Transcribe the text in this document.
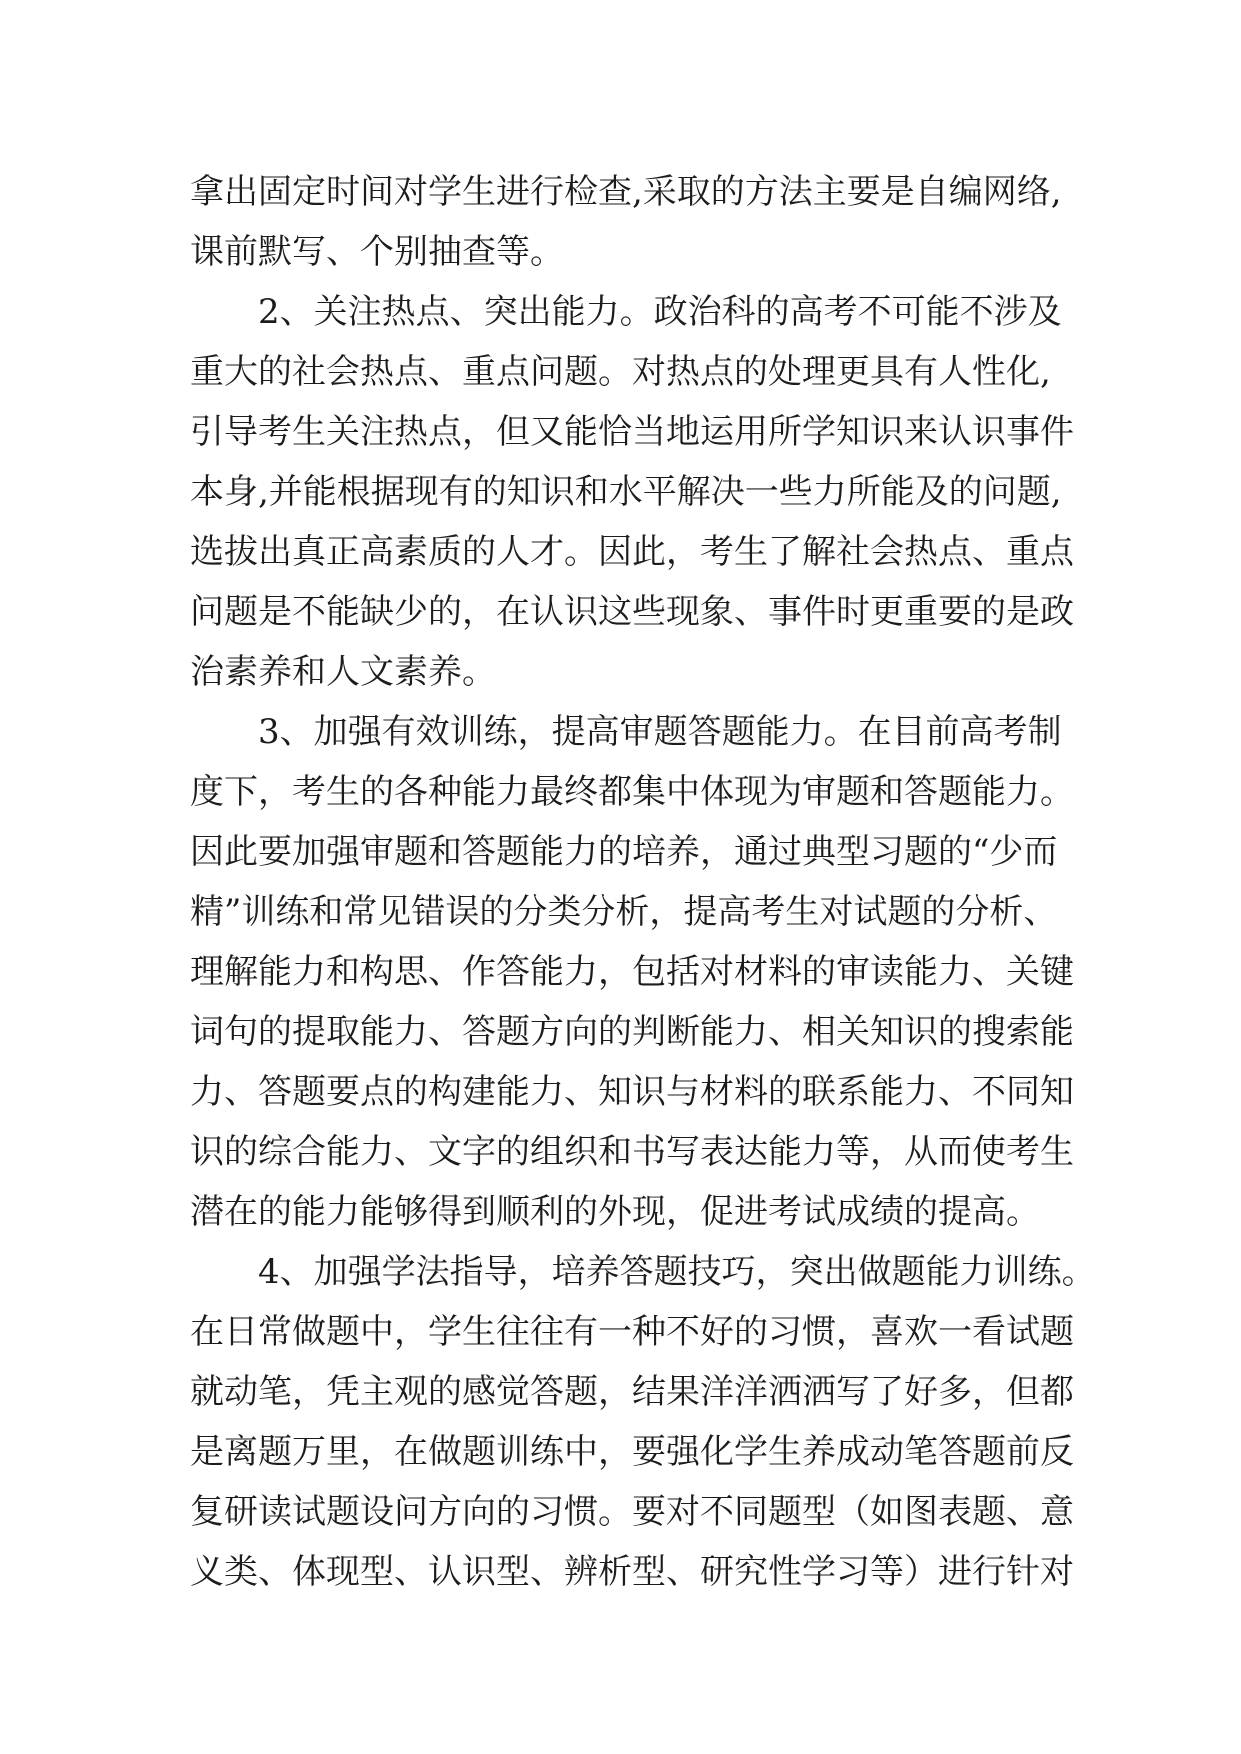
拿出固定时间对学生进行检查,采取的方法主要是自编网络,
课前默写、个别抽查等。
2、关注热点、突出能力。政治科的高考不可能不涉及
重大的社会热点、重点问题。对热点的处理更具有人性化,
引导考生关注热点，但又能恰当地运用所学知识来认识事件
本身,并能根据现有的知识和水平解决一些力所能及的问题,
选拔出真正高素质的人才。因此，考生了解社会热点、重点
问题是不能缺少的，在认识这些现象、事件时更重要的是政
治素养和人文素养。
3、加强有效训练，提高审题答题能力。在目前高考制
度下，考生的各种能力最终都集中体现为审题和答题能力。
因此要加强审题和答题能力的培养，通过典型习题的“少而
精”训练和常见错误的分类分析，提高考生对试题的分析、
理解能力和构思、作答能力，包括对材料的审读能力、关键
词句的提取能力、答题方向的判断能力、相关知识的搜索能
力、答题要点的构建能力、知识与材料的联系能力、不同知
识的综合能力、文字的组织和书写表达能力等，从而使考生
潜在的能力能够得到顺利的外现，促进考试成绩的提高。
4、加强学法指导，培养答题技巧，突出做题能力训练。
在日常做题中，学生往往有一种不好的习惯，喜欢一看试题
就动笔，凭主观的感觉答题，结果洋洋洒洒写了好多，但都
是离题万里，在做题训练中，要强化学生养成动笔答题前反
复研读试题设问方向的习惯。要对不同题型（如图表题、意
义类、体现型、认识型、辨析型、研究性学习等）进行针对
